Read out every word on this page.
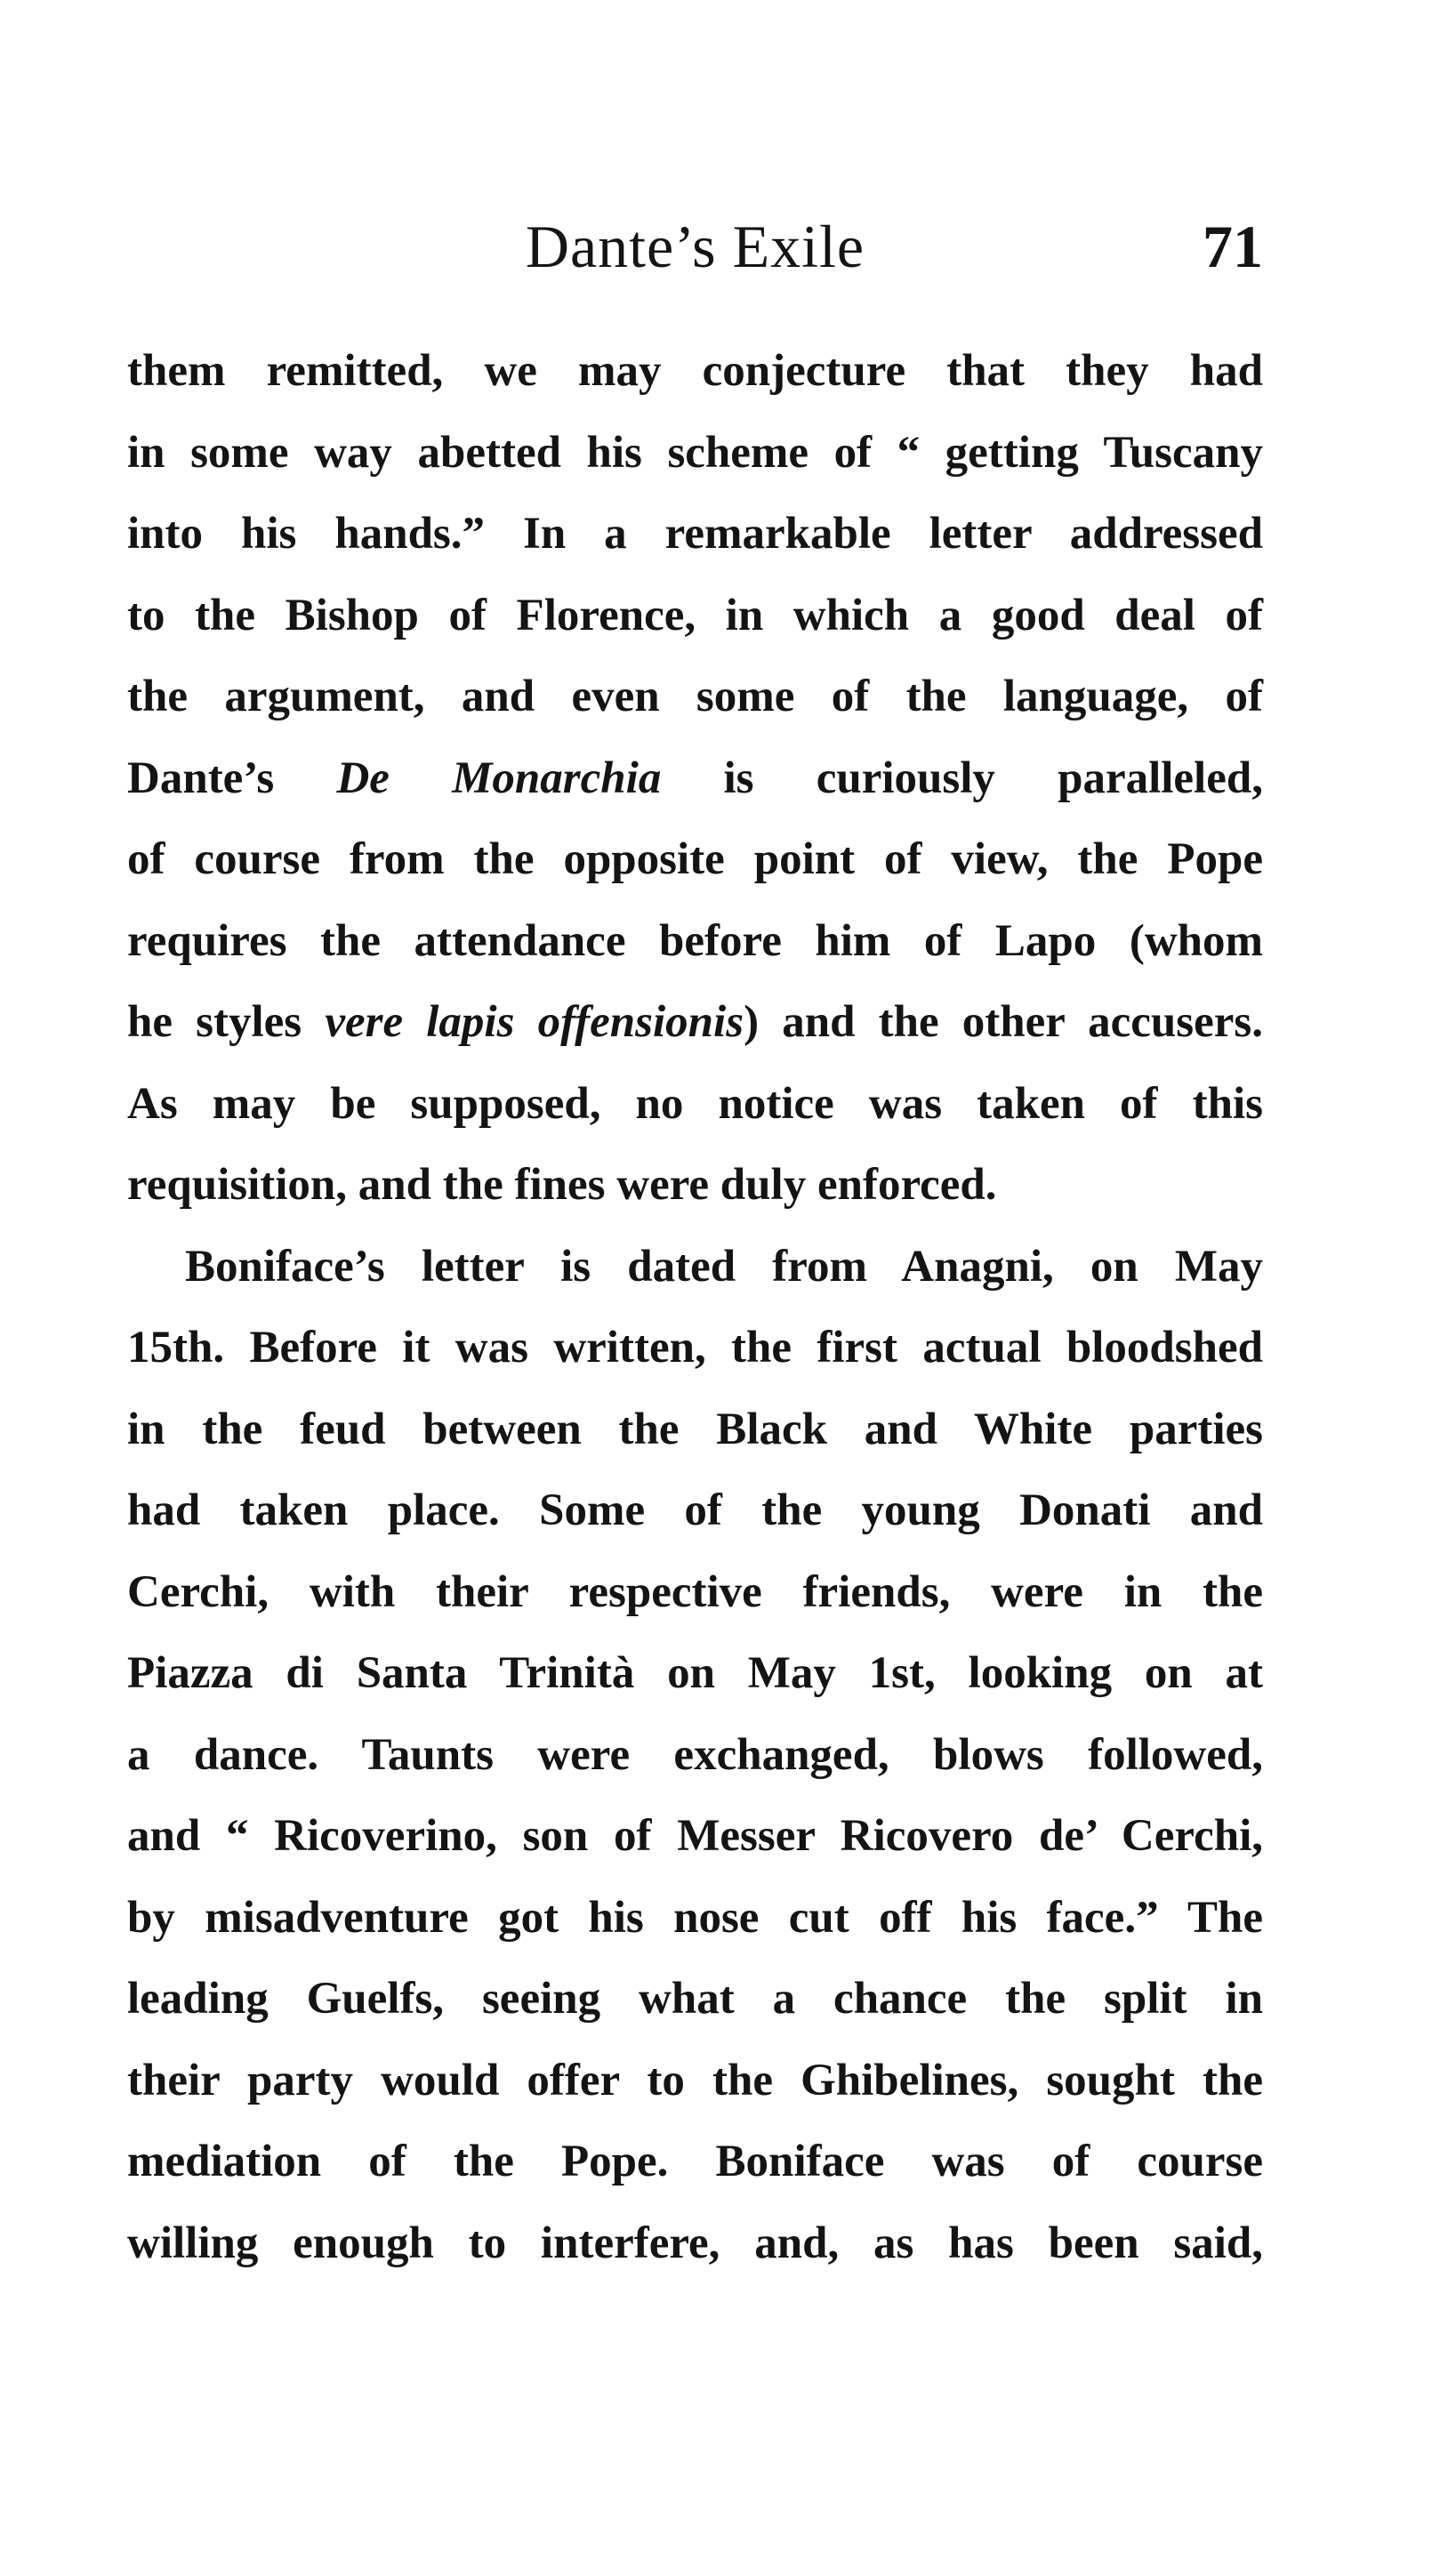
Dante’s Exile	71
them remitted, we may conjecture that they had
in some way abetted his scheme of “ getting Tuscany
into his hands.” In a remarkable letter addressed
to the Bishop of Florence, in which a good deal of
the argument, and even some of the language, of
Dante’s De Monarchia is curiously paralleled,
of course from the opposite point of view, the Pope
requires the attendance before him of Lapo (whom
he styles vere lapis offensionis) and the other accusers.
As may be supposed, no notice was taken of this
requisition, and the fines were duly enforced.
Boniface’s letter is dated from Anagni, on May
15th. Before it was written, the first actual bloodshed
in the feud between the Black and White parties
had taken place. Some of the young Donati and
Cerchi, with their respective friends, were in the
Piazza di Santa Trinità on May 1st, looking on at
a dance. Taunts were exchanged, blows followed,
and “ Ricoverino, son of Messer Ricovero de’ Cerchi,
by misadventure got his nose cut off his face.” The
leading Guelfs, seeing what a chance the split in
their party would offer to the Ghibelines, sought the
mediation of the Pope. Boniface was of course
willing enough to interfere, and, as has been said,
